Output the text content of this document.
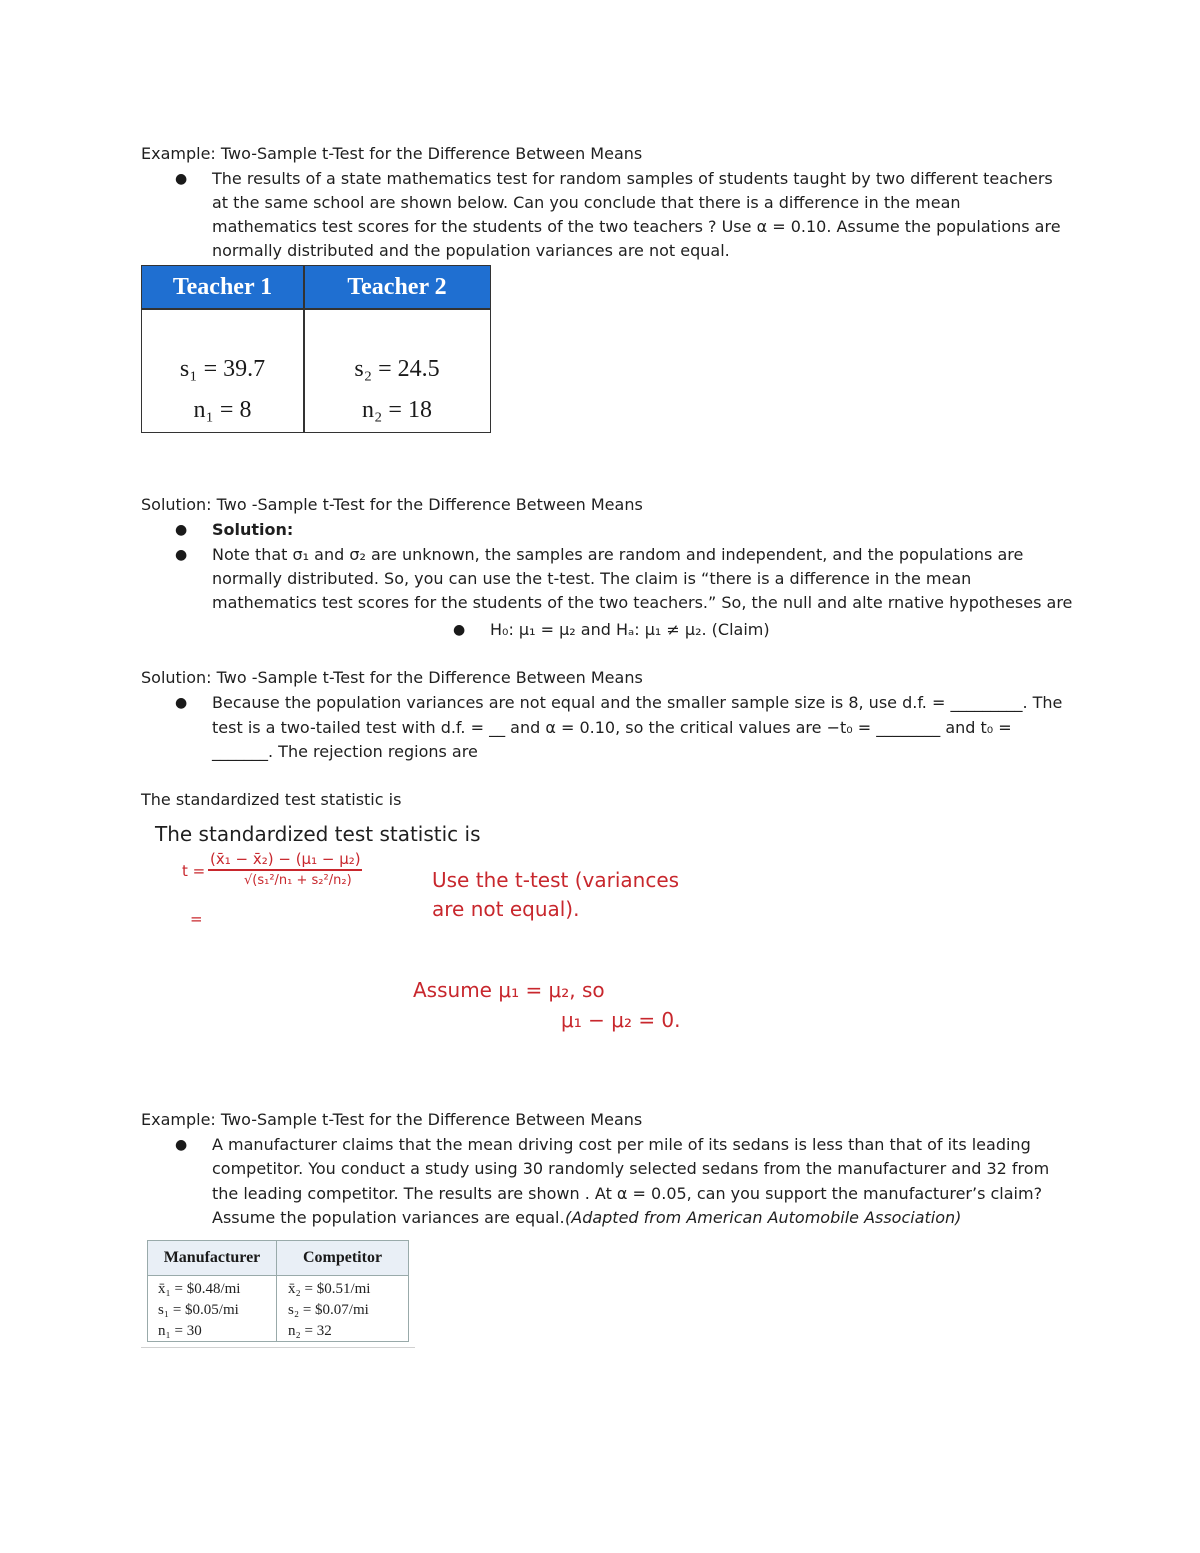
Example: Two-Sample t-Test for the Difference Between Means
● The results of a state mathematics test for random samples of students taught by two different teachers
at the same school are shown below. Can you conclude that there is a difference in the mean
mathematics test scores for the students of the two teachers ? Use α = 0.10. Assume the populations are
normally distributed and the population variances are not equal.
Teacher 1	Teacher 2
s₁ = 39.7
n₁ = 8
s₂ = 24.5
n₂ = 18
Solution: Two -Sample t-Test for the Difference Between Means
● Solution:
● Note that σ₁ and σ₂ are unknown, the samples are random and independent, and the populations are
normally distributed. So, you can use the t-test. The claim is “there is a difference in the mean
mathematics test scores for the students of the two teachers.” So, the null and alte rnative hypotheses are
● H₀: μ₁ = μ₂ and Hₐ: μ₁ ≠ μ₂. (Claim)
Solution: Two -Sample t-Test for the Difference Between Means
● Because the population variances are not equal and the smaller sample size is 8, use d.f. = _________. The
test is a two-tailed test with d.f. = __ and α = 0.10, so the critical values are −t₀ = ________ and t₀ =
_______. The rejection regions are
The standardized test statistic is
The standardized test statistic is
t =
(x̄₁ − x̄₂) − (μ₁ − μ₂)
√(s₁²/n₁ + s₂²/n₂)
=
Use the t-test (variances
are not equal).
Assume μ₁ = μ₂, so
μ₁ − μ₂ = 0.
Example: Two-Sample t-Test for the Difference Between Means
● A manufacturer claims that the mean driving cost per mile of its sedans is less than that of its leading
competitor. You conduct a study using 30 randomly selected sedans from the manufacturer and 32 from
the leading competitor. The results are shown . At α = 0.05, can you support the manufacturer’s claim?
Assume the population variances are equal. (Adapted from American Automobile Association)
Manufacturer	Competitor
x̄₁ = $0.48/mi
s₁ = $0.05/mi
n₁ = 30
x̄₂ = $0.51/mi
s₂ = $0.07/mi
n₂ = 32
